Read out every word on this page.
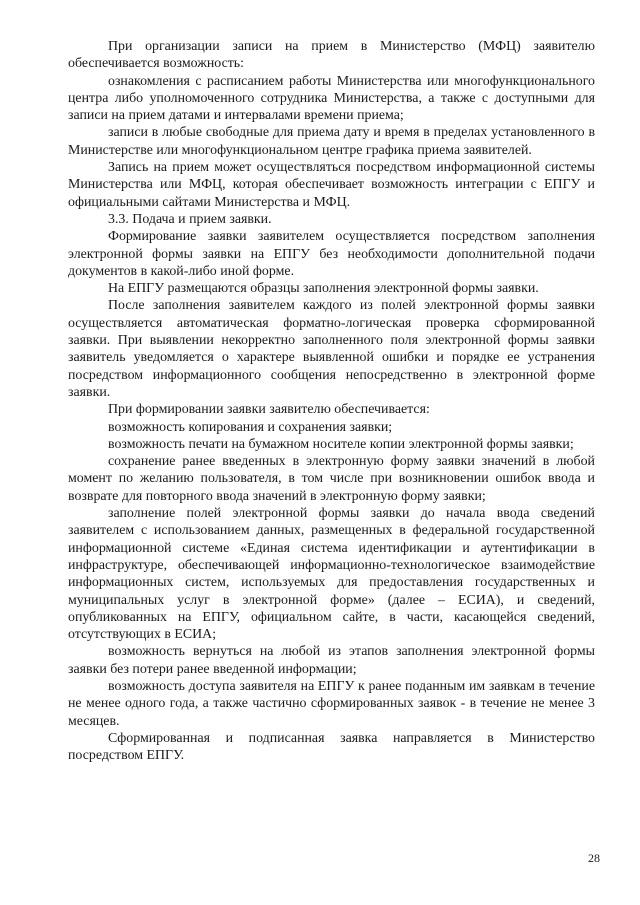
При организации записи на прием в Министерство (МФЦ) заявителю обеспечивается возможность:

ознакомления с расписанием работы Министерства или многофункционального центра либо уполномоченного сотрудника Министерства, а также с доступными для записи на прием датами и интервалами времени приема;

записи в любые свободные для приема дату и время в пределах установленного в Министерстве или многофункциональном центре графика приема заявителей.

Запись на прием может осуществляться посредством информационной системы Министерства или МФЦ, которая обеспечивает возможность интеграции с ЕПГУ и официальными сайтами Министерства и МФЦ.

3.3. Подача и прием заявки.

Формирование заявки заявителем осуществляется посредством заполнения электронной формы заявки на ЕПГУ без необходимости дополнительной подачи документов в какой-либо иной форме.

На ЕПГУ размещаются образцы заполнения электронной формы заявки.

После заполнения заявителем каждого из полей электронной формы заявки осуществляется автоматическая форматно-логическая проверка сформированной заявки. При выявлении некорректно заполненного поля электронной формы заявки заявитель уведомляется о характере выявленной ошибки и порядке ее устранения посредством информационного сообщения непосредственно в электронной форме заявки.

При формировании заявки заявителю обеспечивается:

возможность копирования и сохранения заявки;

возможность печати на бумажном носителе копии электронной формы заявки;

сохранение ранее введенных в электронную форму заявки значений в любой момент по желанию пользователя, в том числе при возникновении ошибок ввода и возврате для повторного ввода значений в электронную форму заявки;

заполнение полей электронной формы заявки до начала ввода сведений заявителем с использованием данных, размещенных в федеральной государственной информационной системе «Единая система идентификации и аутентификации в инфраструктуре, обеспечивающей информационно-технологическое взаимодействие информационных систем, используемых для предоставления государственных и муниципальных услуг в электронной форме» (далее – ЕСИА), и сведений, опубликованных на ЕПГУ, официальном сайте, в части, касающейся сведений, отсутствующих в ЕСИА;

возможность вернуться на любой из этапов заполнения электронной формы заявки без потери ранее введенной информации;

возможность доступа заявителя на ЕПГУ к ранее поданным им заявкам в течение не менее одного года, а также частично сформированных заявок - в течение не менее 3 месяцев.

Сформированная и подписанная заявка направляется в Министерство посредством ЕПГУ.

28
